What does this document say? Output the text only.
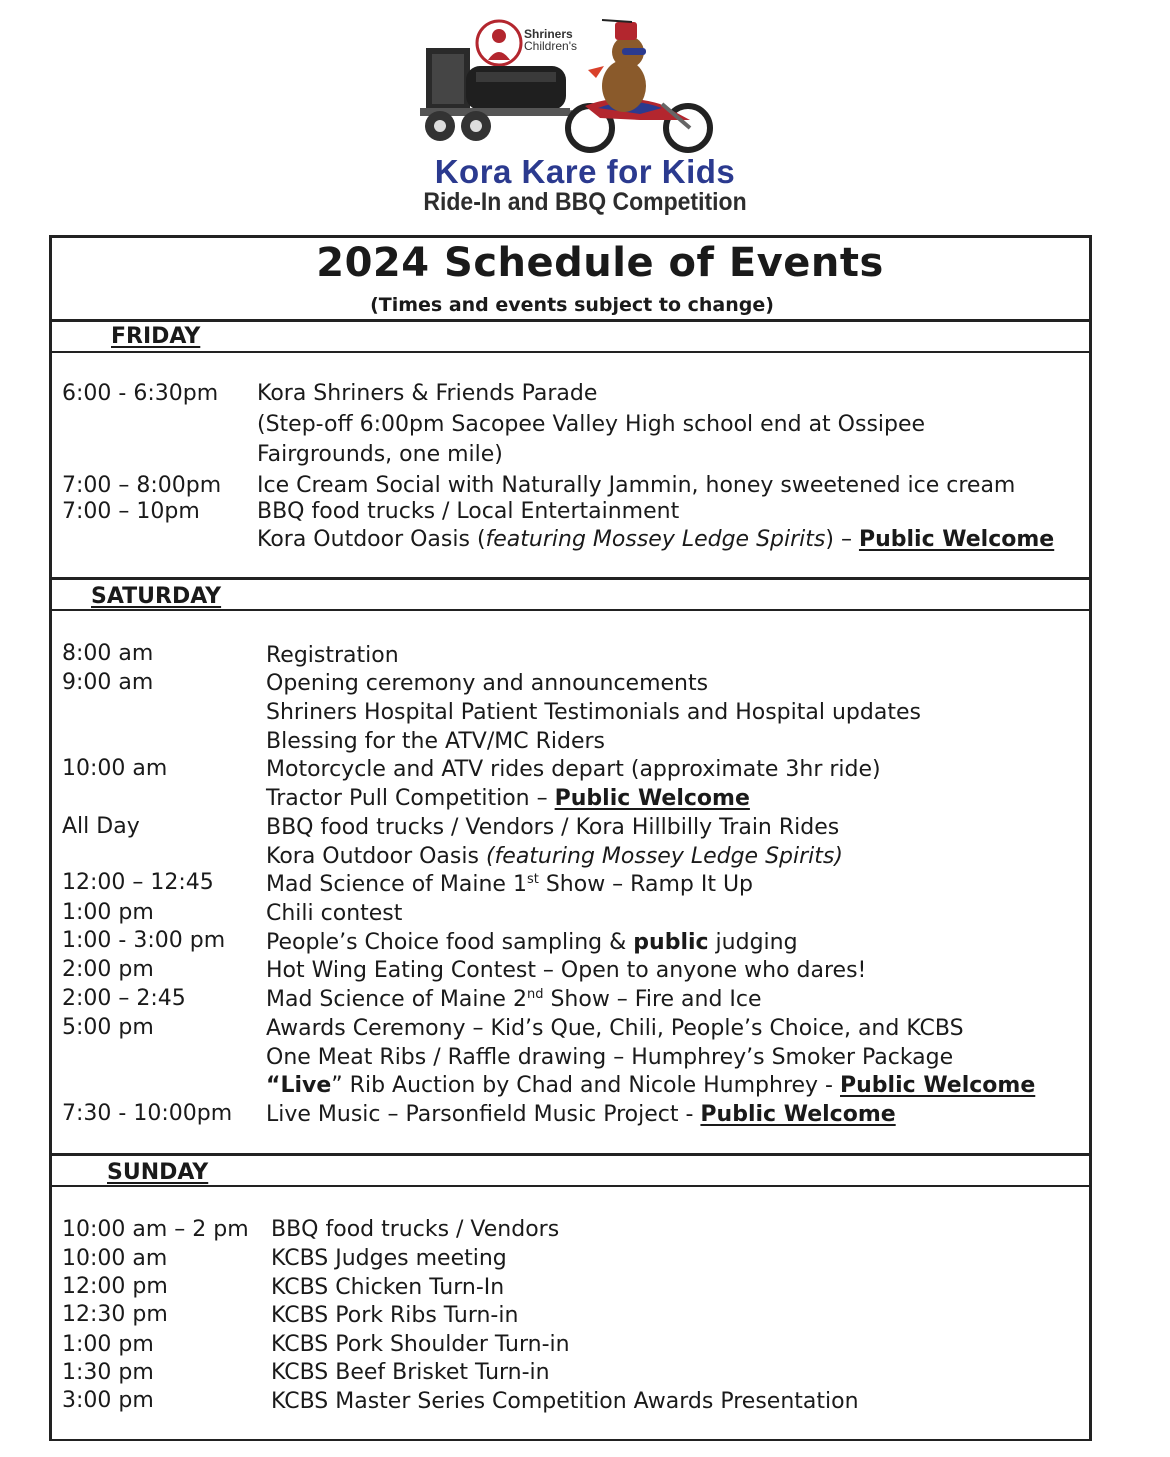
Kora Kare for Kids
Ride-In and BBQ Competition
Shriners
Children's
2024 Schedule of Events
(Times and events subject to change)
FRIDAY
6:00 - 6:30pm
7:00 – 8:00pm
7:00 – 10pm
Kora Shriners & Friends Parade
(Step-off 6:00pm Sacopee Valley High school end at Ossipee
Fairgrounds, one mile)
Ice Cream Social with Naturally Jammin, honey sweetened ice cream
BBQ food trucks / Local Entertainment
Kora Outdoor Oasis (featuring Mossey Ledge Spirits) – Public Welcome
SATURDAY
8:00 am
9:00 am
10:00 am
All Day
12:00 – 12:45
1:00 pm
1:00 - 3:00 pm
2:00 pm
2:00 – 2:45
5:00 pm
7:30 - 10:00pm
Registration
Opening ceremony and announcements
Shriners Hospital Patient Testimonials and Hospital updates
Blessing for the ATV/MC Riders
Motorcycle and ATV rides depart (approximate 3hr ride)
Tractor Pull Competition – Public Welcome
BBQ food trucks / Vendors / Kora Hillbilly Train Rides
Kora Outdoor Oasis (featuring Mossey Ledge Spirits)
Mad Science of Maine 1st Show – Ramp It Up
Chili contest
People’s Choice food sampling & public judging
Hot Wing Eating Contest – Open to anyone who dares!
Mad Science of Maine 2nd Show – Fire and Ice
Awards Ceremony – Kid’s Que, Chili, People’s Choice, and KCBS
One Meat Ribs / Raffle drawing – Humphrey’s Smoker Package
“Live” Rib Auction by Chad and Nicole Humphrey - Public Welcome
Live Music – Parsonfield Music Project - Public Welcome
SUNDAY
10:00 am – 2 pm
10:00 am
12:00 pm
12:30 pm
1:00 pm
1:30 pm
3:00 pm
BBQ food trucks / Vendors
KCBS Judges meeting
KCBS Chicken Turn-In
KCBS Pork Ribs Turn-in
KCBS Pork Shoulder Turn-in
KCBS Beef Brisket Turn-in
KCBS Master Series Competition Awards Presentation
